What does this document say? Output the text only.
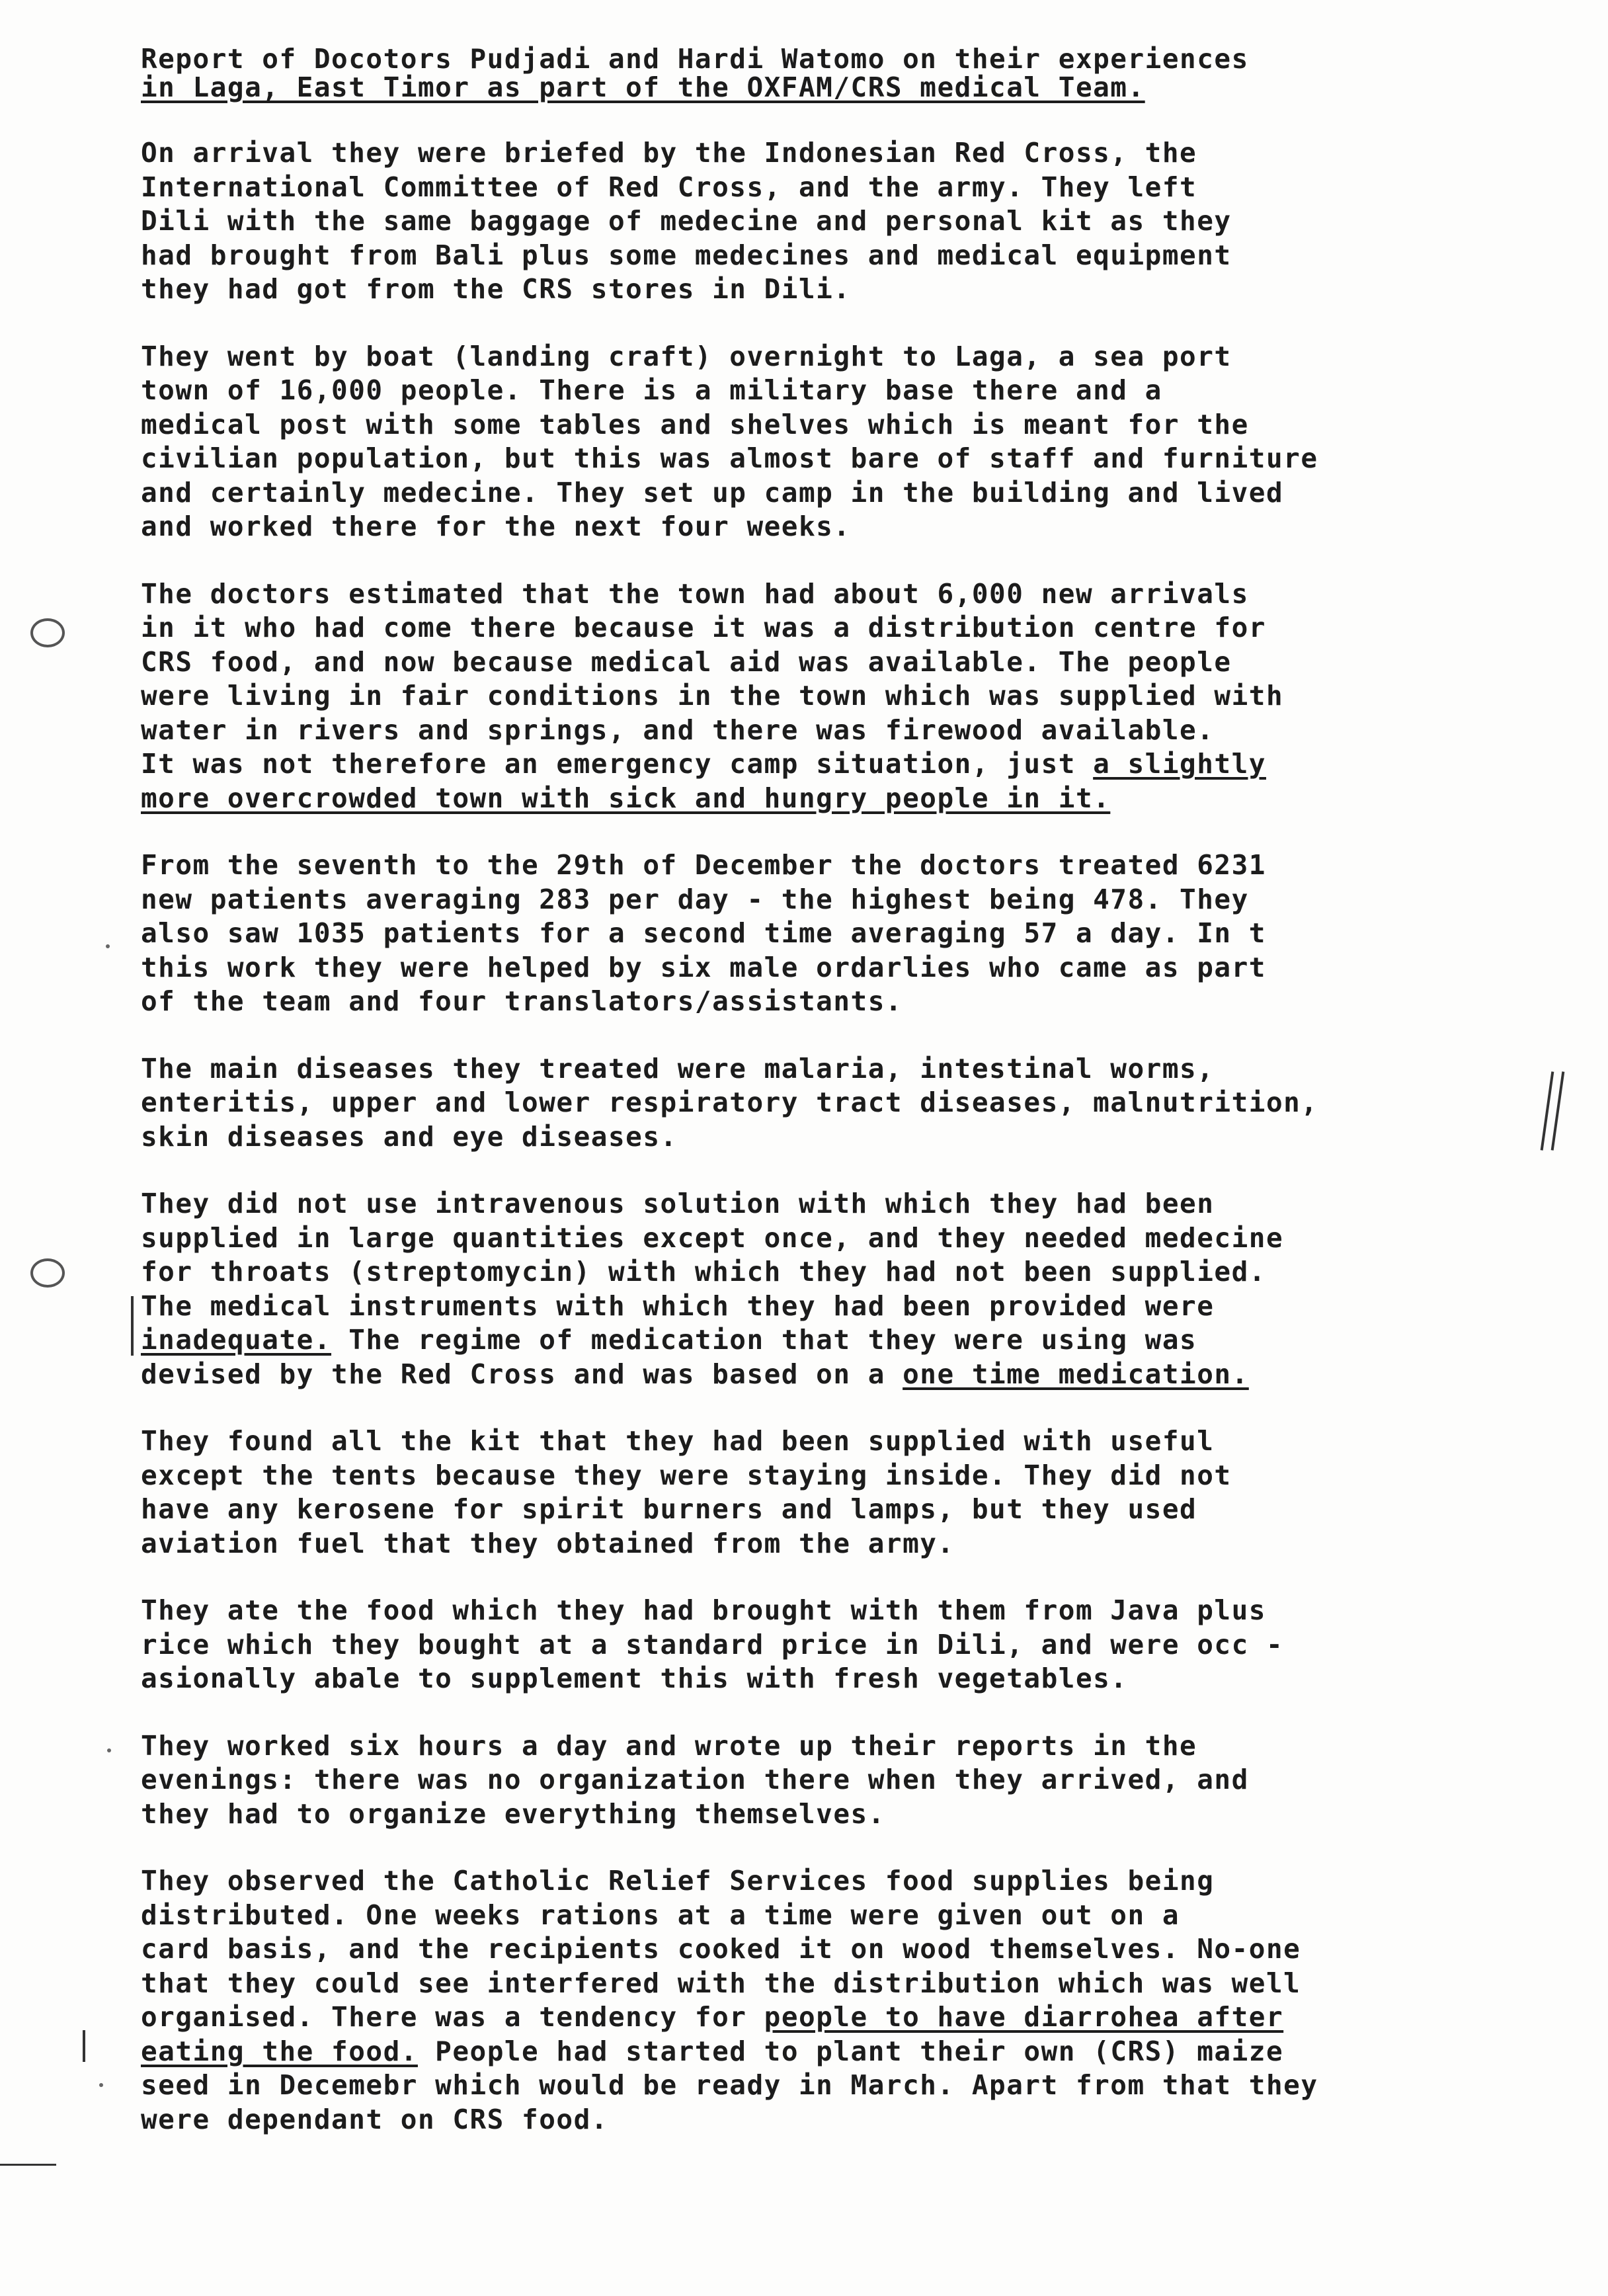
Report of Docotors Pudjadi and Hardi Watomo on their experiences
in Laga, East Timor as part of the OXFAM/CRS medical Team.
On arrival they were briefed by the Indonesian Red Cross, the
International Committee of Red Cross, and the army. They left
Dili with the same baggage of medecine and personal kit as they
had brought from Bali plus some medecines and medical equipment
they had got from the CRS stores in Dili.
They went by boat (landing craft) overnight to Laga, a sea port
town of 16,000 people. There is a military base there and a
medical post with some tables and shelves which is meant for the
civilian population, but this was almost bare of staff and furniture
and certainly medecine. They set up camp in the building and lived
and worked there for the next four weeks.
The doctors estimated that the town had about 6,000 new arrivals
in it who had come there because it was a distribution centre for
CRS food, and now because medical aid was available. The people
were living in fair conditions in the town which was supplied with
water in rivers and springs, and there was firewood available.
It was not therefore an emergency camp situation, just a slightly
more overcrowded town with sick and hungry people in it.
From the seventh to the 29th of December the doctors treated 6231
new patients averaging 283 per day - the highest being 478. They
also saw 1035 patients for a second time averaging 57 a day. In t
this work they were helped by six male ordarlies who came as part
of the team and four translators/assistants.
The main diseases they treated were malaria, intestinal worms,
enteritis, upper and lower respiratory tract diseases, malnutrition,
skin diseases and eye diseases.
They did not use intravenous solution with which they had been
supplied in large quantities except once, and they needed medecine
for throats (streptomycin) with which they had not been supplied.
The medical instruments with which they had been provided were
inadequate. The regime of medication that they were using was
devised by the Red Cross and was based on a one time medication.
They found all the kit that they had been supplied with useful
except the tents because they were staying inside. They did not
have any kerosene for spirit burners and lamps, but they used
aviation fuel that they obtained from the army.
They ate the food which they had brought with them from Java plus
rice which they bought at a standard price in Dili, and were occ -
asionally abale to supplement this with fresh vegetables.
They worked six hours a day and wrote up their reports in the
evenings: there was no organization there when they arrived, and
they had to organize everything themselves.
They observed the Catholic Relief Services food supplies being
distributed. One weeks rations at a time were given out on a
card basis, and the recipients cooked it on wood themselves. No-one
that they could see interfered with the distribution which was well
organised. There was a tendency for people to have diarrohea after
eating the food. People had started to plant their own (CRS) maize
seed in Decemebr which would be ready in March. Apart from that they
were dependant on CRS food.
